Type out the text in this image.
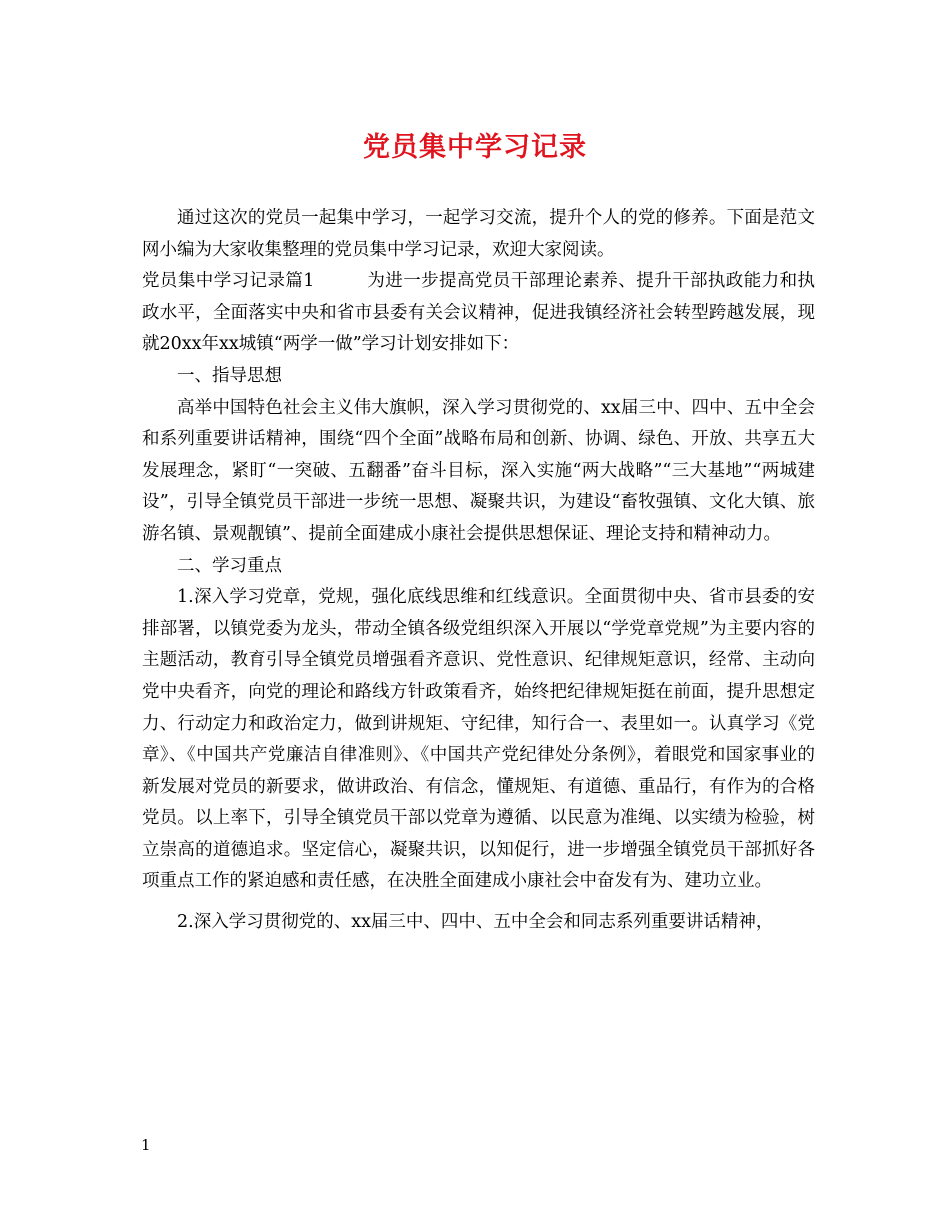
党员集中学习记录

通过这次的党员一起集中学习，一起学习交流，提升个人的党的修养。下面是范文网小编为大家收集整理的党员集中学习记录，欢迎大家阅读。

党员集中学习记录篇1	为进一步提高党员干部理论素养、提升干部执政能力和执政水平，全面落实中央和省市县委有关会议精神，促进我镇经济社会转型跨越发展，现就20xx年xx城镇“两学一做”学习计划安排如下：

一、指导思想

高举中国特色社会主义伟大旗帜，深入学习贯彻党的、xx届三中、四中、五中全会和系列重要讲话精神，围绕“四个全面”战略布局和创新、协调、绿色、开放、共享五大发展理念，紧盯“一突破、五翻番”奋斗目标，深入实施“两大战略”“三大基地”“两城建设”，引导全镇党员干部进一步统一思想、凝聚共识，为建设“畜牧强镇、文化大镇、旅游名镇、景观靓镇”、提前全面建成小康社会提供思想保证、理论支持和精神动力。

二、学习重点

1.深入学习党章，党规，强化底线思维和红线意识。全面贯彻中央、省市县委的安排部署，以镇党委为龙头，带动全镇各级党组织深入开展以“学党章党规”为主要内容的主题活动，教育引导全镇党员增强看齐意识、党性意识、纪律规矩意识，经常、主动向党中央看齐，向党的理论和路线方针政策看齐，始终把纪律规矩挺在前面，提升思想定力、行动定力和政治定力，做到讲规矩、守纪律，知行合一、表里如一。认真学习《党章》、《中国共产党廉洁自律准则》、《中国共产党纪律处分条例》，着眼党和国家事业的新发展对党员的新要求，做讲政治、有信念，懂规矩、有道德、重品行，有作为的合格党员。以上率下，引导全镇党员干部以党章为遵循、以民意为准绳、以实绩为检验，树立崇高的道德追求。坚定信心，凝聚共识，以知促行，进一步增强全镇党员干部抓好各项重点工作的紧迫感和责任感，在决胜全面建成小康社会中奋发有为、建功立业。

2.深入学习贯彻党的、xx届三中、四中、五中全会和同志系列重要讲话精神，

1
